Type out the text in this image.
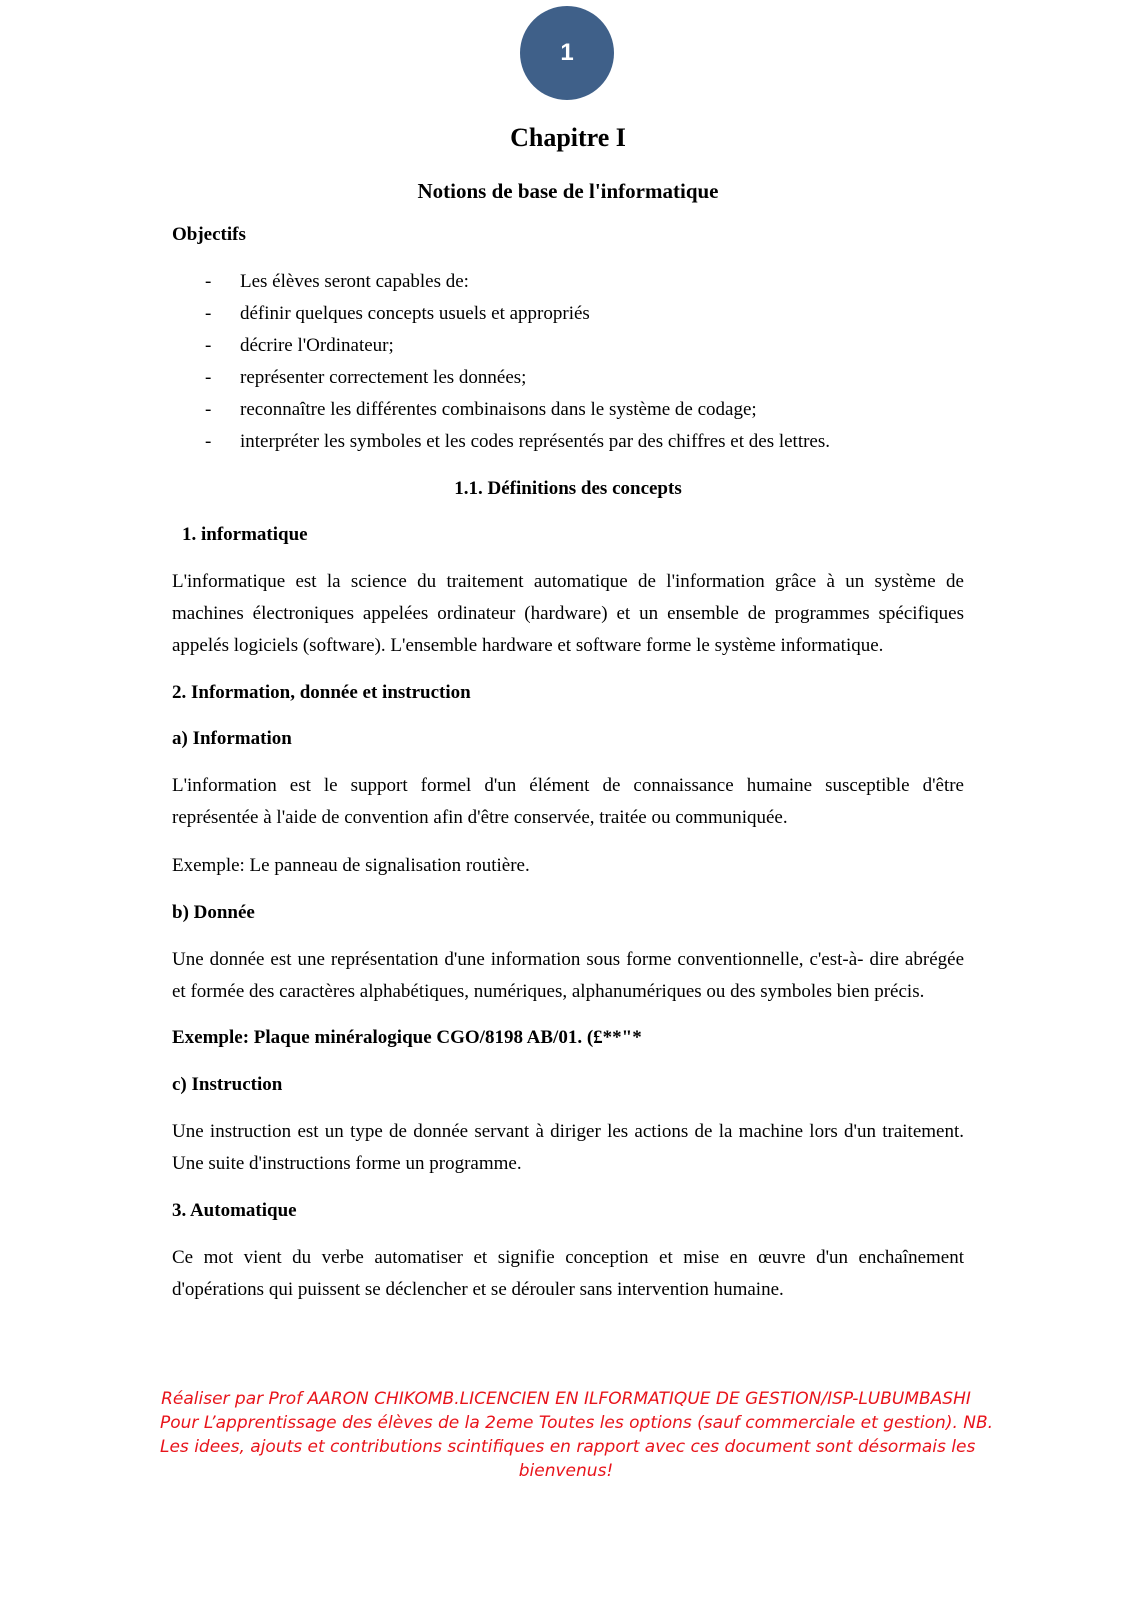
1
Chapitre I
Notions de base de l'informatique
Objectifs
- Les élèves seront capables de:
- définir quelques concepts usuels et appropriés
- décrire l'Ordinateur;
- représenter correctement les données;
- reconnaître les différentes combinaisons dans le système de codage;
- interpréter les symboles et les codes représentés par des chiffres et des lettres.
1.1. Définitions des concepts
1. informatique

L'informatique est la science du traitement automatique de l'information grâce à un système de machines électroniques appelées ordinateur (hardware) et un ensemble de programmes spécifiques appelés logiciels (software). L'ensemble hardware et software forme le système informatique.

2. Information, donnée et instruction
a) Information

L'information est le support formel d'un élément de connaissance humaine susceptible d'être représentée à l'aide de convention afin d'être conservée, traitée ou communiquée.

Exemple: Le panneau de signalisation routière.

b) Donnée

Une donnée est une représentation d'une information sous forme conventionnelle, c'est-à- dire abrégée et formée des caractères alphabétiques, numériques, alphanumériques ou des symboles bien précis.

Exemple: Plaque minéralogique CGO/8198 AB/01. (£**"*

c) Instruction

Une instruction est un type de donnée servant à diriger les actions de la machine lors d'un traitement. Une suite d'instructions forme un programme.

3. Automatique

Ce mot vient du verbe automatiser et signifie conception et mise en œuvre d'un enchaînement d'opérations qui puissent se déclencher et se dérouler sans intervention humaine.

Réaliser par Prof AARON CHIKOMB.LICENCIEN EN ILFORMATIQUE DE GESTION/ISP-LUBUMBASHI
Pour L’apprentissage des élèves de la 2eme Toutes les options (sauf commerciale et gestion). NB.
Les idees, ajouts et contributions scintifiques en rapport avec ces document sont désormais les
bienvenus!
